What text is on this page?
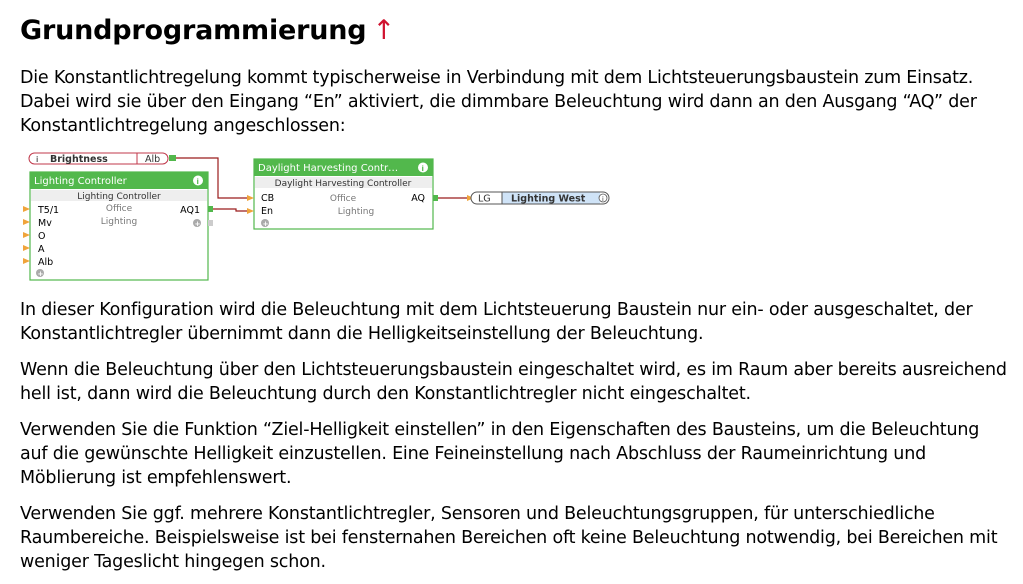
Grundprogrammierung ↑

Die Konstantlichtregelung kommt typischerweise in Verbindung mit dem Lichtsteuerungsbaustein zum Einsatz. Dabei wird sie über den Eingang “En” aktiviert, die dimmbare Beleuchtung wird dann an den Ausgang “AQ” der Konstantlichtregelung angeschlossen:

i Brightness	Alb
Lighting Controller	i
Lighting Controller
Office
Lighting
T5/1
Mv
O
A
Alb
+
AQ1
+
Daylight Harvesting Contr…	i
Daylight Harvesting Controller
Office
Lighting
CB
En
+
AQ	LG Lighting West	i

In dieser Konfiguration wird die Beleuchtung mit dem Lichtsteuerung Baustein nur ein- oder ausgeschaltet, der Konstantlichtregler übernimmt dann die Helligkeitseinstellung der Beleuchtung.

Wenn die Beleuchtung über den Lichtsteuerungsbaustein eingeschaltet wird, es im Raum aber bereits ausreichend hell ist, dann wird die Beleuchtung durch den Konstantlichtregler nicht eingeschaltet.

Verwenden Sie die Funktion “Ziel-Helligkeit einstellen” in den Eigenschaften des Bausteins, um die Beleuchtung auf die gewünschte Helligkeit einzustellen. Eine Feineinstellung nach Abschluss der Raumeinrichtung und Möblierung ist empfehlenswert.

Verwenden Sie ggf. mehrere Konstantlichtregler, Sensoren und Beleuchtungsgruppen, für unterschiedliche Raumbereiche. Beispielsweise ist bei fensternahen Bereichen oft keine Beleuchtung notwendig, bei Bereichen mit weniger Tageslicht hingegen schon.
